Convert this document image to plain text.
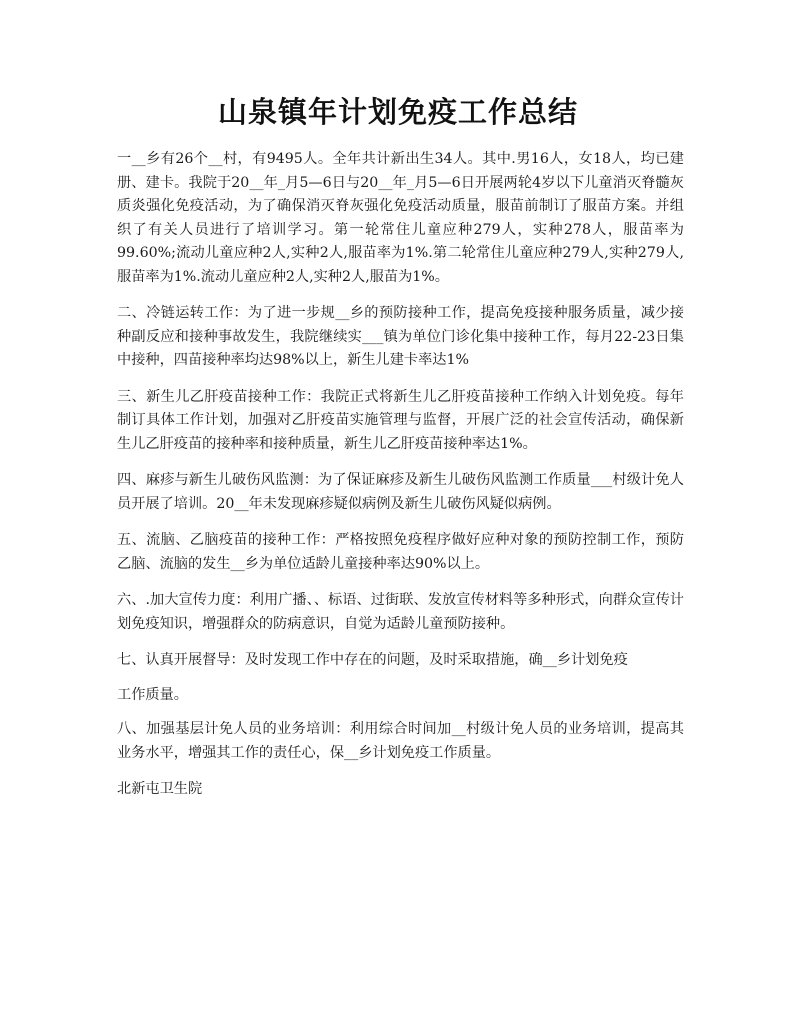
山泉镇年计划免疫工作总结

一__乡有26个__村，有9495人。全年共计新出生34人。其中.男16人，女18人，均已建册、建卡。我院于20__年_月5—6日与20__年_月5—6日开展两轮4岁以下儿童消灭脊髓灰质炎强化免疫活动，为了确保消灭脊灰强化免疫活动质量，服苗前制订了服苗方案。并组织了有关人员进行了培训学习。第一轮常住儿童应种279人，实种278人，服苗率为99.60%;流动儿童应种2人,实种2人,服苗率为1%.第二轮常住儿童应种279人,实种279人,服苗率为1%.流动儿童应种2人,实种2人,服苗为1%。

二、冷链运转工作：为了进一步规__乡的预防接种工作，提高免疫接种服务质量，减少接种副反应和接种事故发生，我院继续实___镇为单位门诊化集中接种工作，每月22-23日集中接种，四苗接种率均达98%以上，新生儿建卡率达1%

三、新生儿乙肝疫苗接种工作：我院正式将新生儿乙肝疫苗接种工作纳入计划免疫。每年制订具体工作计划，加强对乙肝疫苗实施管理与监督，开展广泛的社会宣传活动，确保新生儿乙肝疫苗的接种率和接种质量，新生儿乙肝疫苗接种率达1%。

四、麻疹与新生儿破伤风监测：为了保证麻疹及新生儿破伤风监测工作质量___村级计免人员开展了培训。20__年未发现麻疹疑似病例及新生儿破伤风疑似病例。

五、流脑、乙脑疫苗的接种工作：严格按照免疫程序做好应种对象的预防控制工作，预防乙脑、流脑的发生__乡为单位适龄儿童接种率达90%以上。

六、.加大宣传力度：利用广播、、标语、过街联、发放宣传材料等多种形式，向群众宣传计划免疫知识，增强群众的防病意识，自觉为适龄儿童预防接种。

七、认真开展督导：及时发现工作中存在的问题，及时采取措施，确__乡计划免疫

工作质量。

八、加强基层计免人员的业务培训：利用综合时间加__村级计免人员的业务培训，提高其业务水平，增强其工作的责任心，保__乡计划免疫工作质量。

北新屯卫生院
